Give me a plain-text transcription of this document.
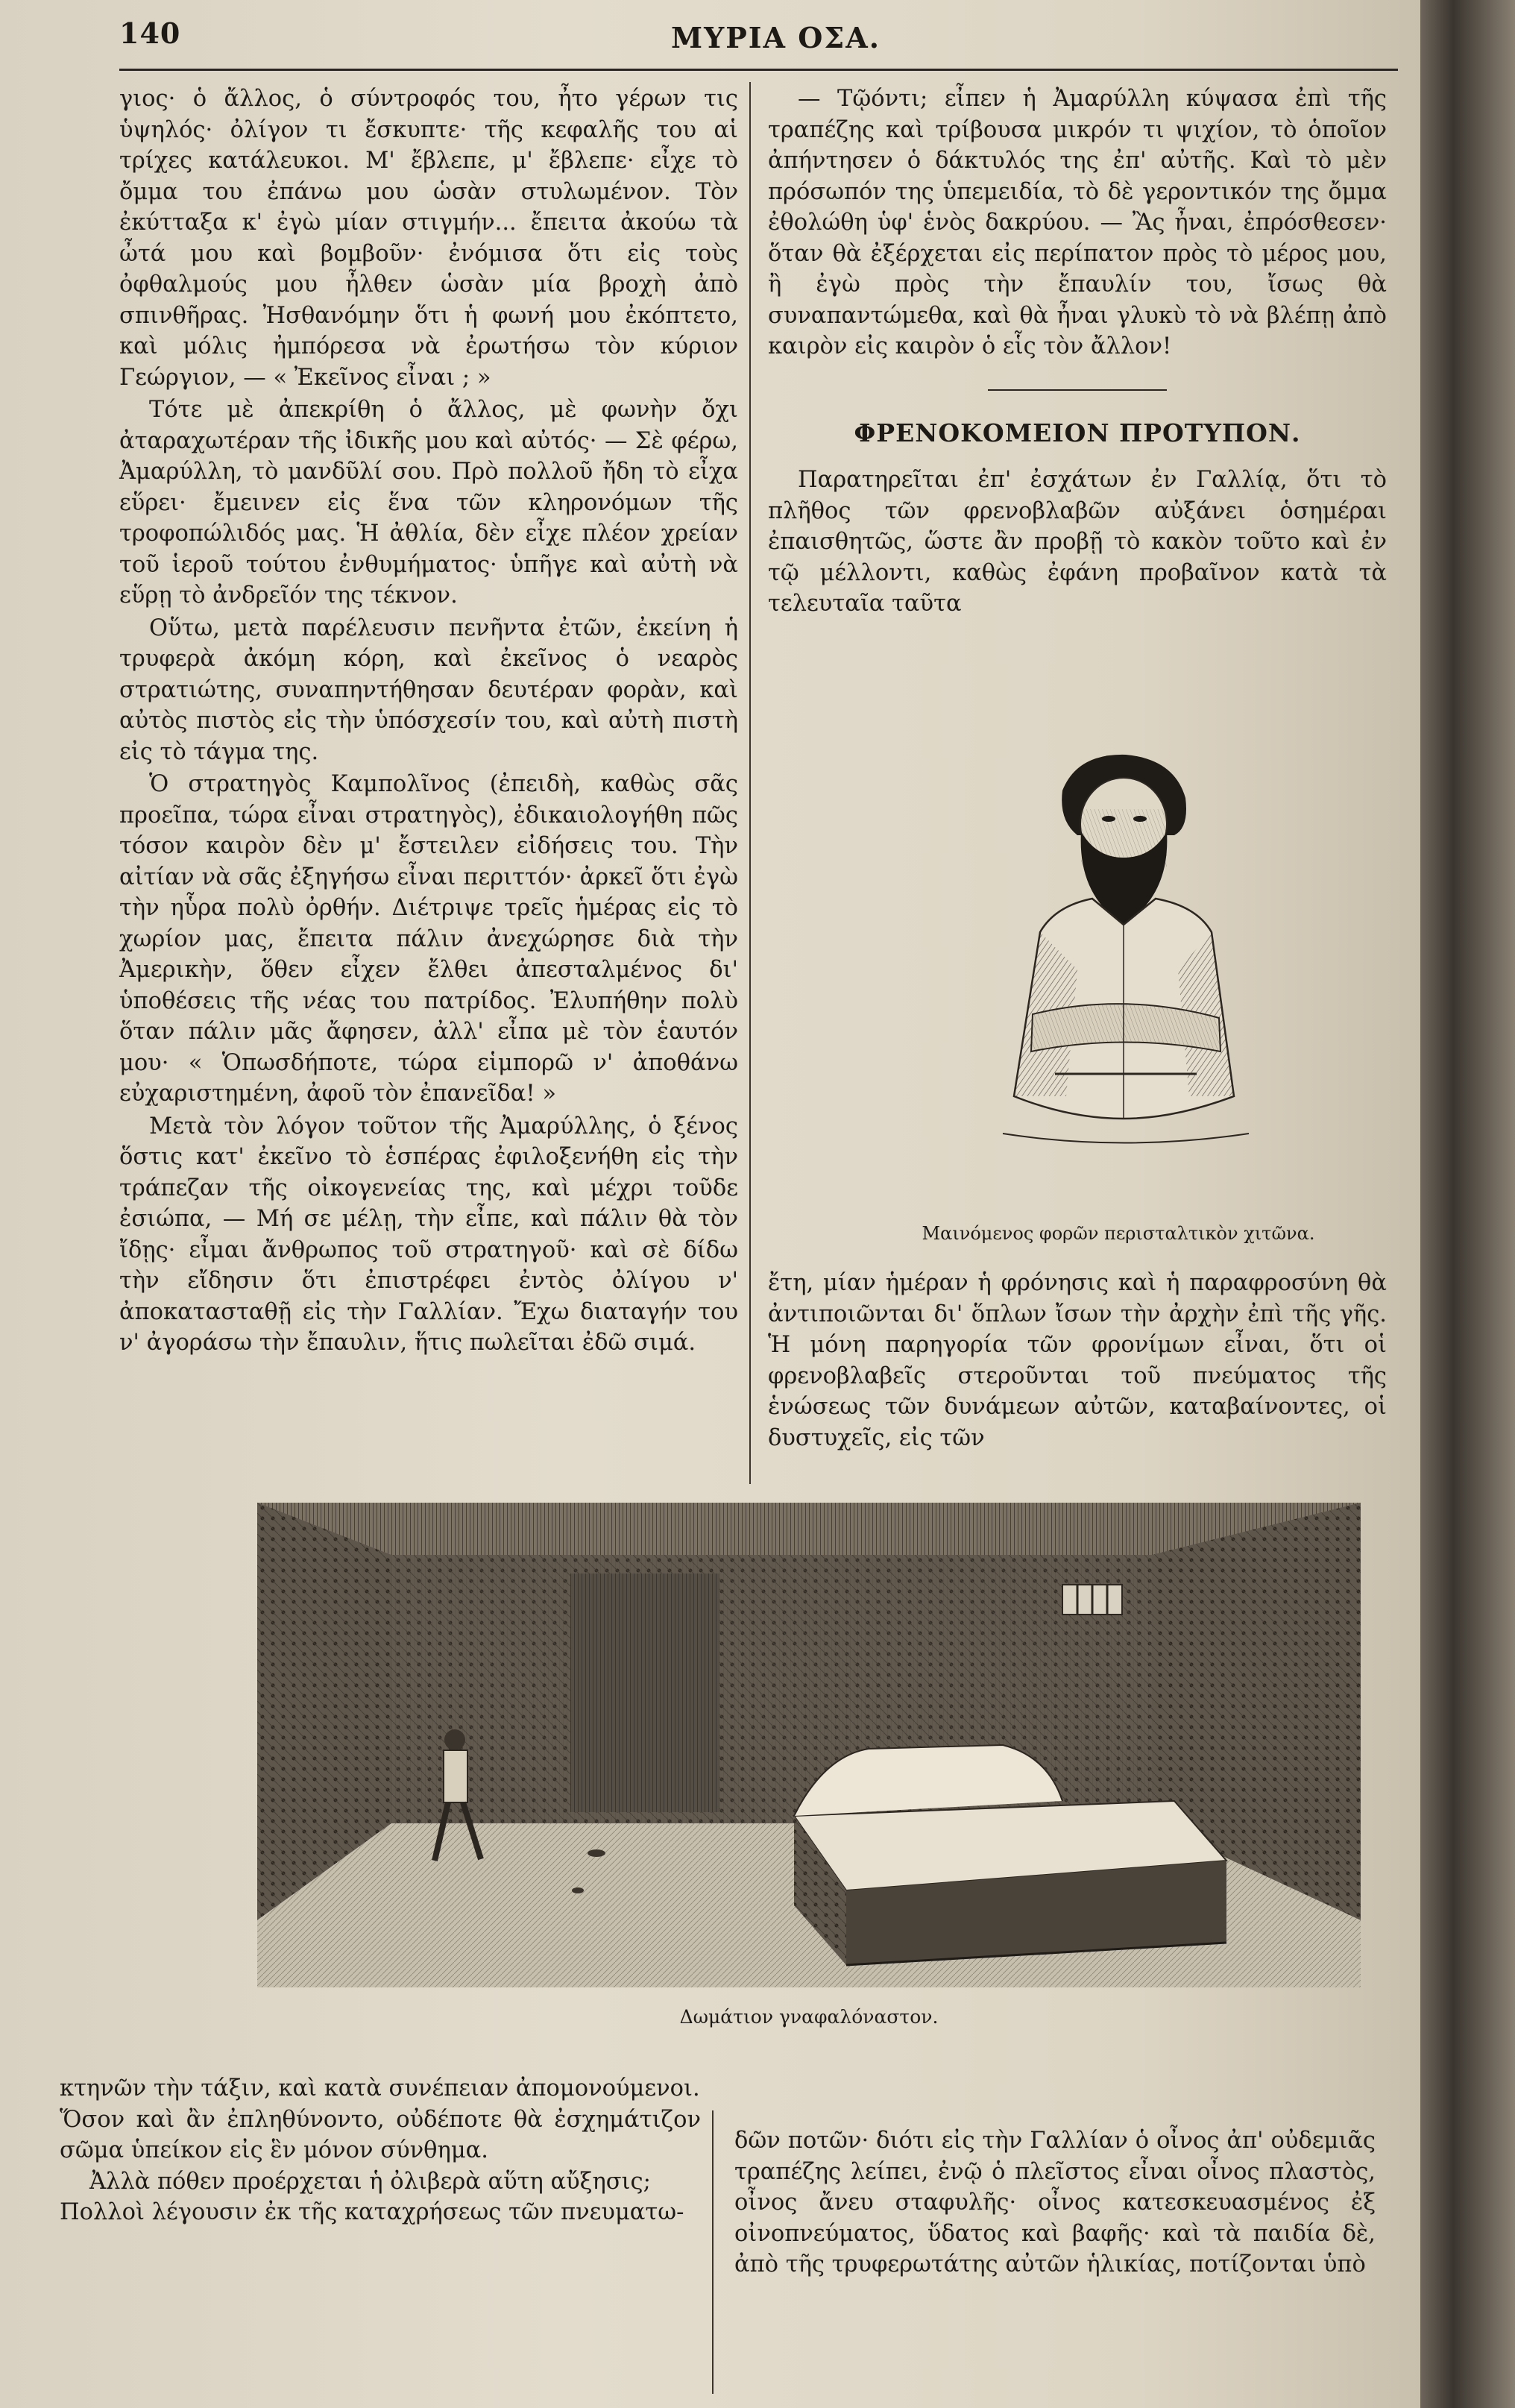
140	ΜΥΡΙΑ ΟΣΑ.

γιος· ὁ ἄλλος, ὁ σύντροφός του, ἦτο γέρων τις ὑψηλός· ὀλίγον τι ἔσκυπτε· τῆς κεφαλῆς του αἱ τρίχες κατάλευκοι. Μ' ἔβλεπε, μ' ἔβλεπε· εἶχε τὸ ὄμμα του ἐπάνω μου ὡσὰν στυλωμένον. Τὸν ἐκύτταξα κ' ἐγὼ μίαν στιγμήν... ἔπειτα ἀκούω τὰ ὦτά μου καὶ βομβοῦν· ἐνόμισα ὅτι εἰς τοὺς ὀφθαλμούς μου ἦλθεν ὡσὰν μία βροχὴ ἀπὸ σπινθῆρας. Ἠσθανόμην ὅτι ἡ φωνή μου ἐκόπτετο, καὶ μόλις ἠμπόρεσα νὰ ἐρωτήσω τὸν κύριον Γεώργιον, — « Ἐκεῖνος εἶναι ; »

Τότε μὲ ἀπεκρίθη ὁ ἄλλος, μὲ φωνὴν ὄχι ἀταραχωτέραν τῆς ἰδικῆς μου καὶ αὐτός· — Σὲ φέρω, Ἀμαρύλλη, τὸ μανδῦλί σου. Πρὸ πολλοῦ ἤδη τὸ εἶχα εὕρει· ἔμεινεν εἰς ἕνα τῶν κληρονόμων τῆς τροφοπώλιδός μας. Ἡ ἀθλία, δὲν εἶχε πλέον χρείαν τοῦ ἱεροῦ τούτου ἐνθυμήματος· ὑπῆγε καὶ αὐτὴ νὰ εὕρῃ τὸ ἀνδρεῖόν της τέκνον.

Οὕτω, μετὰ παρέλευσιν πενῆντα ἐτῶν, ἐκείνη ἡ τρυφερὰ ἀκόμη κόρη, καὶ ἐκεῖνος ὁ νεαρὸς στρατιώτης, συναπηντήθησαν δευτέραν φορὰν, καὶ αὐτὸς πιστὸς εἰς τὴν ὑπόσχεσίν του, καὶ αὐτὴ πιστὴ εἰς τὸ τάγμα της.

Ὁ στρατηγὸς Καμπολῖνος (ἐπειδὴ, καθὼς σᾶς προεῖπα, τώρα εἶναι στρατηγὸς), ἐδικαιολογήθη πῶς τόσον καιρὸν δὲν μ' ἔστειλεν εἰδήσεις του. Τὴν αἰτίαν νὰ σᾶς ἐξηγήσω εἶναι περιττόν· ἀρκεῖ ὅτι ἐγὼ τὴν ηὗρα πολὺ ὀρθήν. Διέτριψε τρεῖς ἡμέρας εἰς τὸ χωρίον μας, ἔπειτα πάλιν ἀνεχώρησε διὰ τὴν Ἀμερικὴν, ὅθεν εἶχεν ἔλθει ἀπεσταλμένος δι' ὑποθέσεις τῆς νέας του πατρίδος. Ἐλυπήθην πολὺ ὅταν πάλιν μᾶς ἄφησεν, ἀλλ' εἶπα μὲ τὸν ἑαυτόν μου· « Ὁπωσδήποτε, τώρα εἱμπορῶ ν' ἀποθάνω εὐχαριστημένη, ἀφοῦ τὸν ἐπανεῖδα! »

Μετὰ τὸν λόγον τοῦτον τῆς Ἀμαρύλλης, ὁ ξένος ὅστις κατ' ἐκεῖνο τὸ ἑσπέρας ἐφιλοξενήθη εἰς τὴν τράπεζαν τῆς οἰκογενείας της, καὶ μέχρι τοῦδε ἐσιώπα, — Μή σε μέλῃ, τὴν εἶπε, καὶ πάλιν θὰ τὸν ἴδῃς· εἶμαι ἄνθρωπος τοῦ στρατηγοῦ· καὶ σὲ δίδω τὴν εἴδησιν ὅτι ἐπιστρέφει ἐντὸς ὀλίγου ν' ἀποκατασταθῇ εἰς τὴν Γαλλίαν. Ἔχω διαταγήν του ν' ἀγοράσω τὴν ἔπαυλιν, ἥτις πωλεῖται ἐδῶ σιμά.

— Τῷόντι; εἶπεν ἡ Ἀμαρύλλη κύψασα ἐπὶ τῆς τραπέζης καὶ τρίβουσα μικρόν τι ψιχίον, τὸ ὁποῖον ἀπήντησεν ὁ δάκτυλός της ἐπ' αὐτῆς. Καὶ τὸ μὲν πρόσωπόν της ὑπεμειδία, τὸ δὲ γεροντικόν της ὄμμα ἐθολώθη ὑφ' ἑνὸς δακρύου. — Ἂς ἦναι, ἐπρόσθεσεν· ὅταν θὰ ἐξέρχεται εἰς περίπατον πρὸς τὸ μέρος μου, ἢ ἐγὼ πρὸς τὴν ἔπαυλίν του, ἴσως θὰ συναπαντώμεθα, καὶ θὰ ἦναι γλυκὺ τὸ νὰ βλέπῃ ἀπὸ καιρὸν εἰς καιρὸν ὁ εἷς τὸν ἄλλον!

ΦΡΕΝΟΚΟΜΕΙΟΝ ΠΡΟΤΥΠΟΝ.

Παρατηρεῖται ἐπ' ἐσχάτων ἐν Γαλλίᾳ, ὅτι τὸ πλῆθος τῶν φρενοβλαβῶν αὐξάνει ὁσημέραι ἐπαισθητῶς, ὥστε ἂν προβῇ τὸ κακὸν τοῦτο καὶ ἐν τῷ μέλλοντι, καθὼς ἐφάνη προβαῖνον κατὰ τὰ τελευταῖα ταῦτα

Μαινόμενος φορῶν περισταλτικὸν χιτῶνα.

ἔτη, μίαν ἡμέραν ἡ φρόνησις καὶ ἡ παραφροσύνη θὰ ἀντιποιῶνται δι' ὅπλων ἴσων τὴν ἀρχὴν ἐπὶ τῆς γῆς. Ἡ μόνη παρηγορία τῶν φρονίμων εἶναι, ὅτι οἱ φρενοβλαβεῖς στεροῦνται τοῦ πνεύματος τῆς ἑνώσεως τῶν δυνάμεων αὐτῶν, καταβαίνοντες, οἱ δυστυχεῖς, εἰς τῶν

Δωμάτιον γναφαλόναστον.

κτηνῶν τὴν τάξιν, καὶ κατὰ συνέπειαν ἀπομονούμενοι.

Ὅσον καὶ ἂν ἐπληθύνοντο, οὐδέποτε θὰ ἐσχημάτιζον σῶμα ὑπείκον εἰς ἓν μόνον σύνθημα.

Ἀλλὰ πόθεν προέρχεται ἡ ὀλιβερὰ αὕτη αὔξησις;

Πολλοὶ λέγουσιν ἐκ τῆς καταχρήσεως τῶν πνευματω-

δῶν ποτῶν· διότι εἰς τὴν Γαλλίαν ὁ οἶνος ἀπ' οὐδεμιᾶς τραπέζης λείπει, ἐνῷ ὁ πλεῖστος εἶναι οἶνος πλαστὸς, οἶνος ἄνευ σταφυλῆς· οἶνος κατεσκευασμένος ἐξ οἰνοπνεύματος, ὕδατος καὶ βαφῆς· καὶ τὰ παιδία δὲ, ἀπὸ τῆς τρυφερωτάτης αὐτῶν ἡλικίας, ποτίζονται ὑπὸ
